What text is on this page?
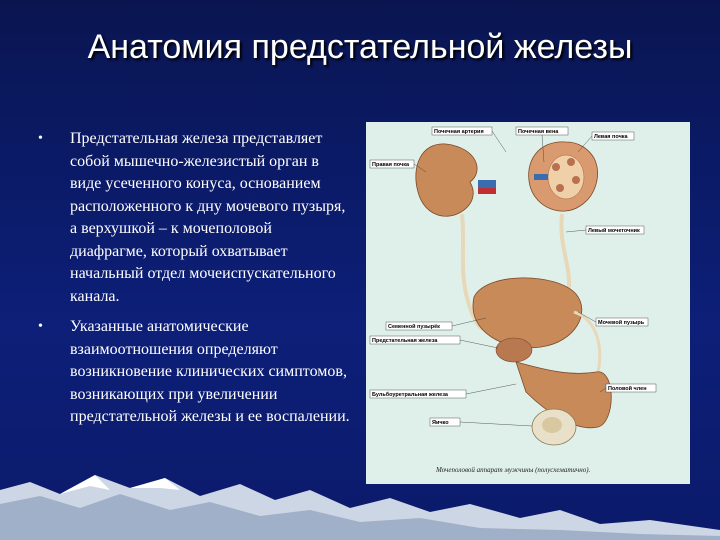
Анатомия предстательной железы
• Предстательная железа представляет собой мышечно-железистый орган в виде усеченного конуса, основанием расположенного к дну мочевого пузыря, а верхушкой – к мочеполовой диафрагме, который охватывает начальный отдел мочеиспускательного канала.
• Указанные анатомические взаимоотношения определяют возникновение клинических симптомов, возникающих при увеличении предстательной железы и ее воспалении.
Почечная артерия	Почечная вена
Правая почка
Левая почка
Левый мочеточник
Мочевой пузырь
Предстательная железа
Семенной пузырёк
Бульбоуретральная железа
Яичко
Половой член
Мочеполовой аппарат мужчины (полусхематично).
